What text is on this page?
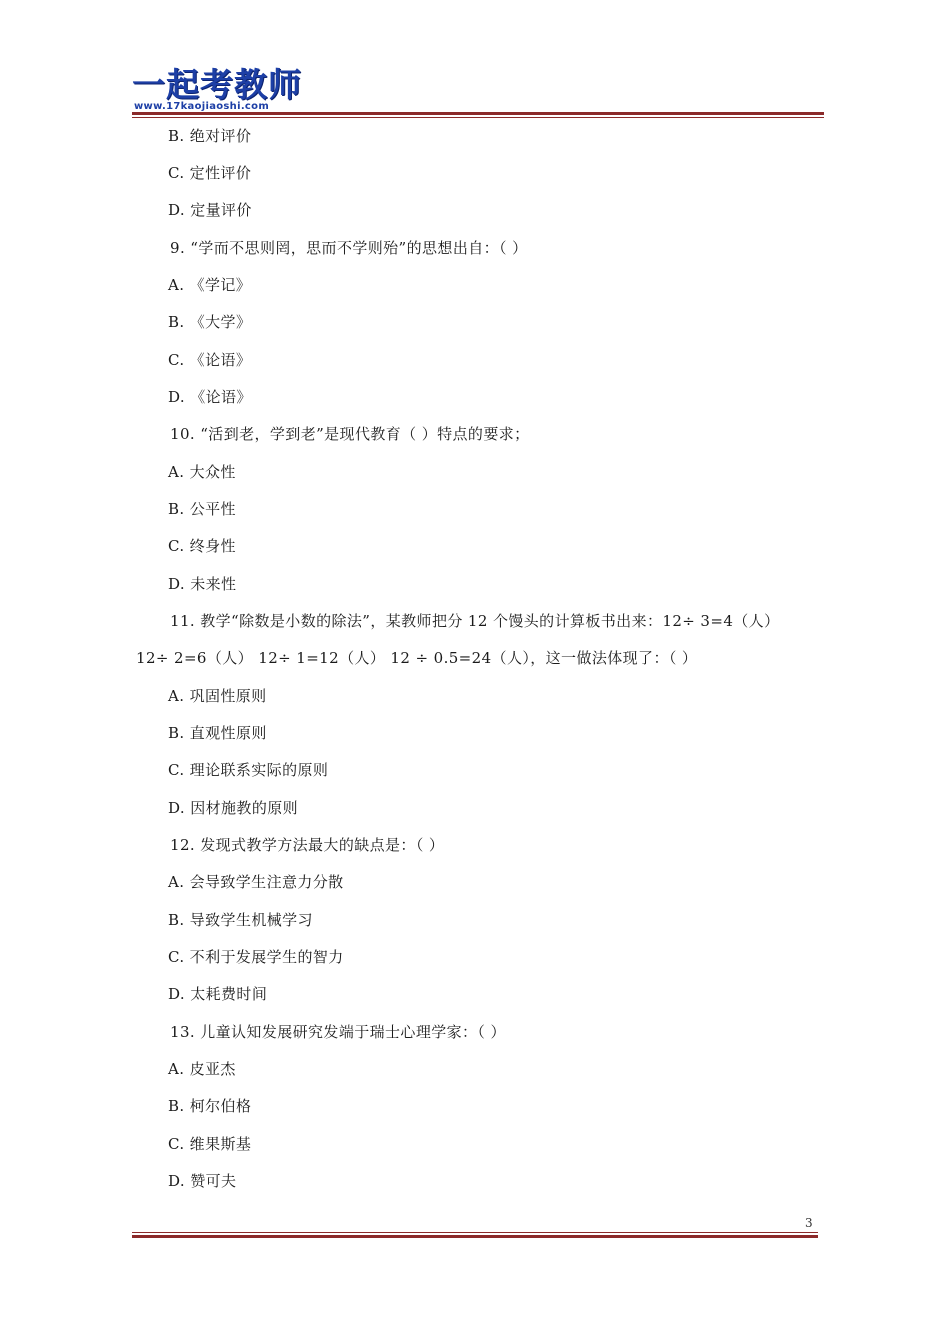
一起考教师
www.17kaojiaoshi.com
B. 绝对评价
C. 定性评价
D. 定量评价
9. “学而不思则罔，思而不学则殆”的思想出自：（ ）
A. 《学记》
B. 《大学》
C. 《论语》
D. 《论语》
10. “活到老，学到老”是现代教育（ ）特点的要求；
A. 大众性
B. 公平性
C. 终身性
D. 未来性
11. 教学“除数是小数的除法”，某教师把分 12 个馒头的计算板书出来：12÷ 3=4（人）
12÷ 2=6（人） 12÷ 1=12（人） 12 ÷ 0.5=24（人），这一做法体现了：（ ）
A. 巩固性原则
B. 直观性原则
C. 理论联系实际的原则
D. 因材施教的原则
12. 发现式教学方法最大的缺点是：（ ）
A. 会导致学生注意力分散
B. 导致学生机械学习
C. 不利于发展学生的智力
D. 太耗费时间
13. 儿童认知发展研究发端于瑞士心理学家：（ ）
A. 皮亚杰
B. 柯尔伯格
C. 维果斯基
D. 赞可夫
3
